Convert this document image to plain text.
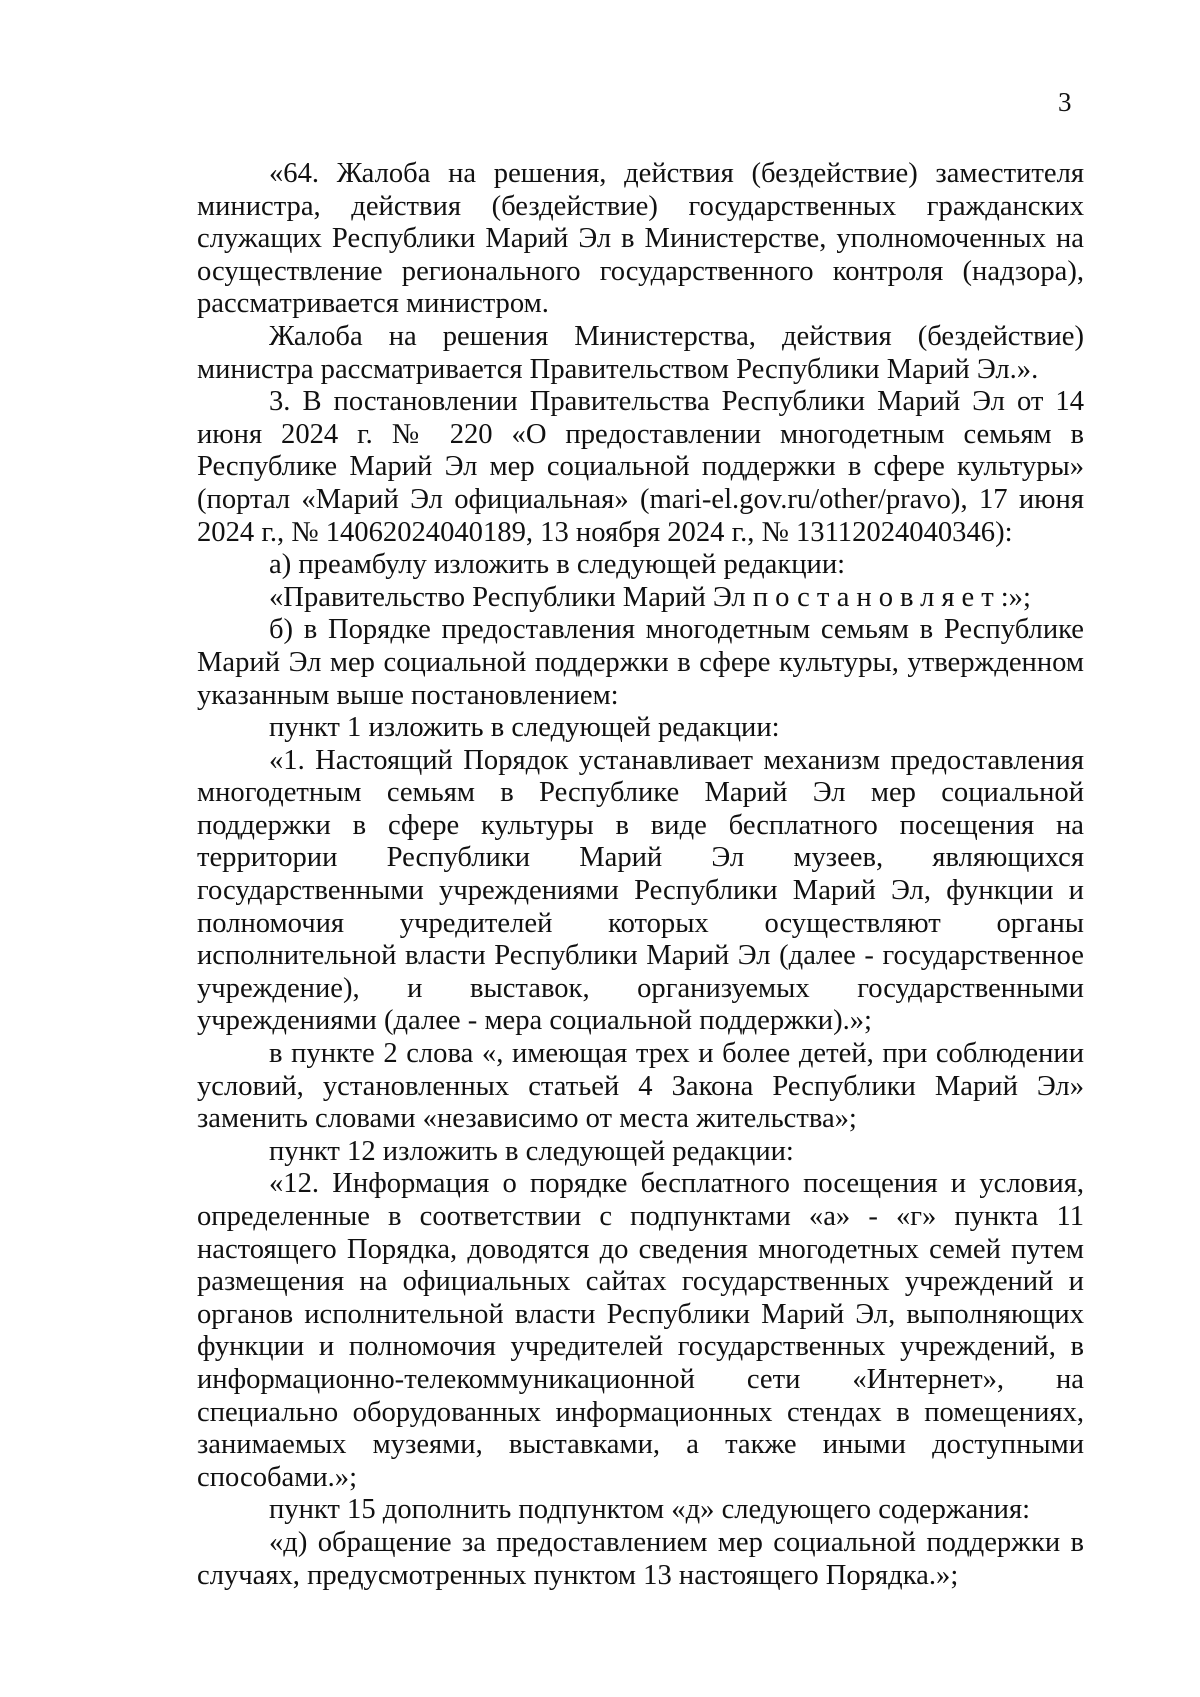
3

«64. Жалоба на решения, действия (бездействие) заместителя министра, действия (бездействие) государственных гражданских служащих Республики Марий Эл в Министерстве, уполномоченных на осуществление регионального государственного контроля (надзора), рассматривается министром.

Жалоба на решения Министерства, действия (бездействие) министра рассматривается Правительством Республики Марий Эл.».

3. В постановлении Правительства Республики Марий Эл от 14 июня 2024 г. № 220 «О предоставлении многодетным семьям в Республике Марий Эл мер социальной поддержки в сфере культуры» (портал «Марий Эл официальная» (mari-el.gov.ru/other/pravo), 17 июня 2024 г., № 14062024040189, 13 ноября 2024 г., № 13112024040346):

а) преамбулу изложить в следующей редакции:

«Правительство Республики Марий Эл постановляет:»;

б) в Порядке предоставления многодетным семьям в Республике Марий Эл мер социальной поддержки в сфере культуры, утвержденном указанным выше постановлением:

пункт 1 изложить в следующей редакции:

«1. Настоящий Порядок устанавливает механизм предоставления многодетным семьям в Республике Марий Эл мер социальной поддержки в сфере культуры в виде бесплатного посещения на территории Республики Марий Эл музеев, являющихся государственными учреждениями Республики Марий Эл, функции и полномочия учредителей которых осуществляют органы исполнительной власти Республики Марий Эл (далее - государственное учреждение), и выставок, организуемых государственными учреждениями (далее - мера социальной поддержки).»;

в пункте 2 слова «, имеющая трех и более детей, при соблюдении условий, установленных статьей 4 Закона Республики Марий Эл» заменить словами «независимо от места жительства»;

пункт 12 изложить в следующей редакции:

«12. Информация о порядке бесплатного посещения и условия, определенные в соответствии с подпунктами «а» - «г» пункта 11 настоящего Порядка, доводятся до сведения многодетных семей путем размещения на официальных сайтах государственных учреждений и органов исполнительной власти Республики Марий Эл, выполняющих функции и полномочия учредителей государственных учреждений, в информационно-телекоммуникационной сети «Интернет», на специально оборудованных информационных стендах в помещениях, занимаемых музеями, выставками, а также иными доступными способами.»;

пункт 15 дополнить подпунктом «д» следующего содержания:

«д) обращение за предоставлением мер социальной поддержки в случаях, предусмотренных пунктом 13 настоящего Порядка.»;
